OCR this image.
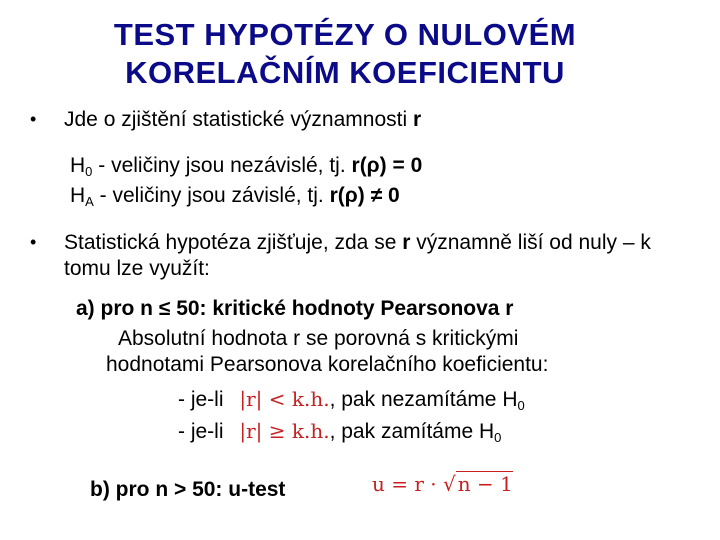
TEST HYPOTÉZY O NULOVÉM
KORELAČNÍM KOEFICIENTU
• Jde o zjištění statistické významnosti r
$H_0$ - veličiny jsou nezávislé, tj. r(ρ) = 0
$H_A$ - veličiny jsou závislé, tj. r(ρ) ≠ 0
• Statistická hypotéza zjišťuje, zda se r významně liší od nuly – k tomu lze využít:
a) pro n ≤ 50: kritické hodnoty Pearsonova r
Absolutní hodnota r se porovná s kritickými
hodnotami Pearsonova korelačního koeficientu:
- je-li |r| < k.h., pak nezamítáme $H_0$
- je-li |r| ≥ k.h., pak zamítáme $H_0$
b) pro n > 50: u-test	u = r · √ n − 1
